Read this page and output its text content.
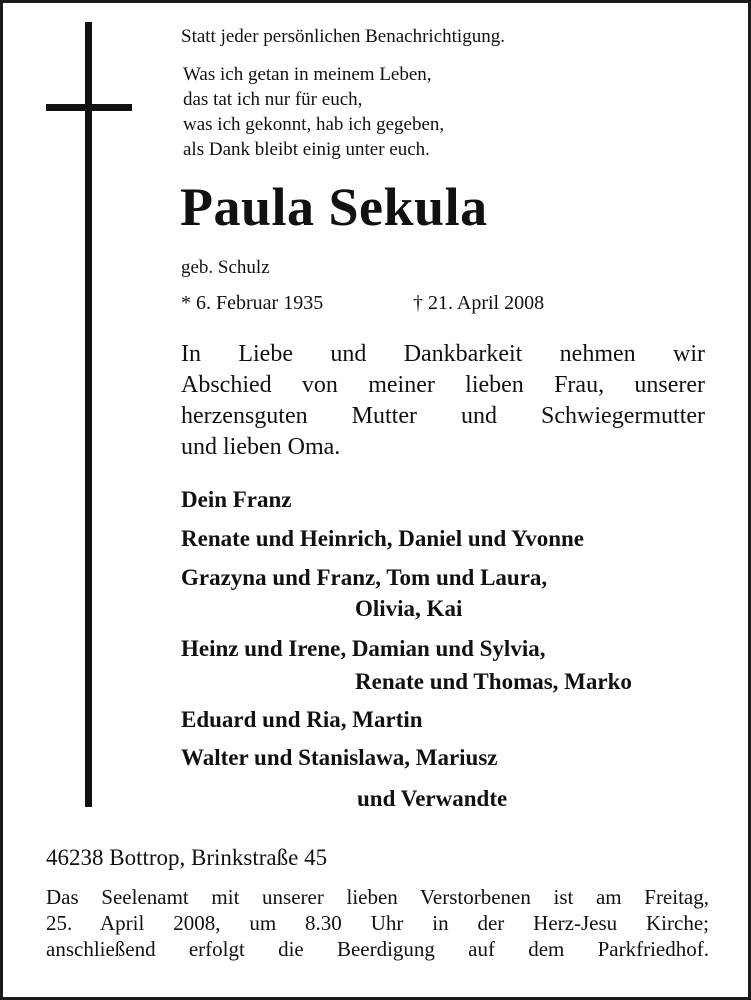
Statt jeder persönlichen Benachrichtigung.
Was ich getan in meinem Leben,
das tat ich nur für euch,
was ich gekonnt, hab ich gegeben,
als Dank bleibt einig unter euch.
Paula Sekula
geb. Schulz
* 6. Februar 1935	† 21. April 2008
In Liebe und Dankbarkeit nehmen wir
Abschied von meiner lieben Frau, unserer
herzensguten Mutter und Schwiegermutter
und lieben Oma.
Dein Franz
Renate und Heinrich, Daniel und Yvonne
Grazyna und Franz, Tom und Laura,
Olivia, Kai
Heinz und Irene, Damian und Sylvia,
Renate und Thomas, Marko
Eduard und Ria, Martin
Walter und Stanislawa, Mariusz
und Verwandte
46238 Bottrop, Brinkstraße 45
Das Seelenamt mit unserer lieben Verstorbenen ist am Freitag,
25. April 2008, um 8.30 Uhr in der Herz-Jesu Kirche;
anschließend erfolgt die Beerdigung auf dem Parkfriedhof.
